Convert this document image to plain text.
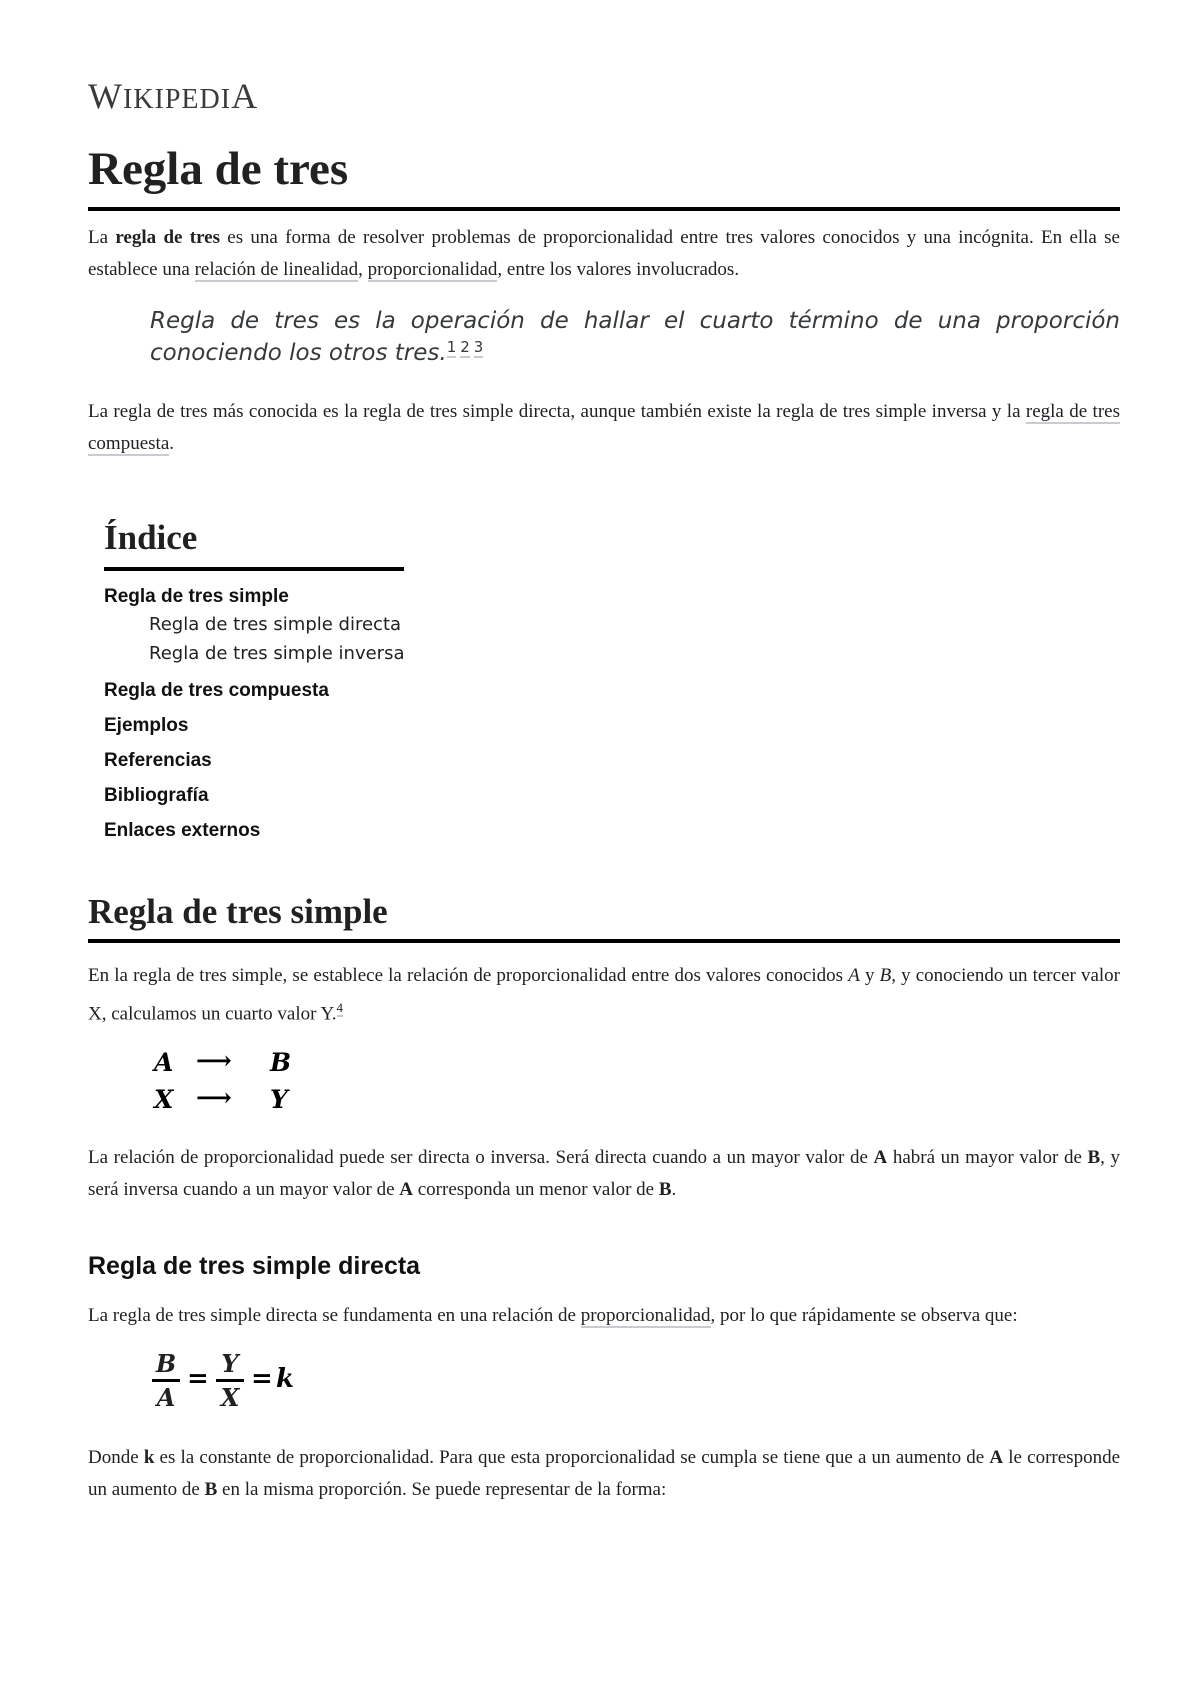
WIKIPEDIA
Regla de tres

La regla de tres es una forma de resolver problemas de proporcionalidad entre tres valores conocidos y una incógnita. En ella se establece una relación de linealidad, proporcionalidad, entre los valores involucrados.

Regla de tres es la operación de hallar el cuarto término de una proporción conociendo los otros tres.$^{1 2 3}$

La regla de tres más conocida es la regla de tres simple directa, aunque también existe la regla de tres simple inversa y la regla de tres compuesta.

Índice
Regla de tres simple
Regla de tres simple directa
Regla de tres simple inversa
Regla de tres compuesta
Ejemplos
Referencias
Bibliografía
Enlaces externos
Regla de tres simple

En la regla de tres simple, se establece la relación de proporcionalidad entre dos valores conocidos A y B, y conociendo un tercer valor X, calculamos un cuarto valor Y.$^4$

A ⟶ B
X ⟶ Y

La relación de proporcionalidad puede ser directa o inversa. Será directa cuando a un mayor valor de A habrá un mayor valor de B, y será inversa cuando a un mayor valor de A corresponda un menor valor de B.

Regla de tres simple directa

La regla de tres simple directa se fundamenta en una relación de proporcionalidad, por lo que rápidamente se observa que:

B
A
=
Y
X
= k

Donde k es la constante de proporcionalidad. Para que esta proporcionalidad se cumpla se tiene que a un aumento de A le corresponde un aumento de B en la misma proporción. Se puede representar de la forma:
